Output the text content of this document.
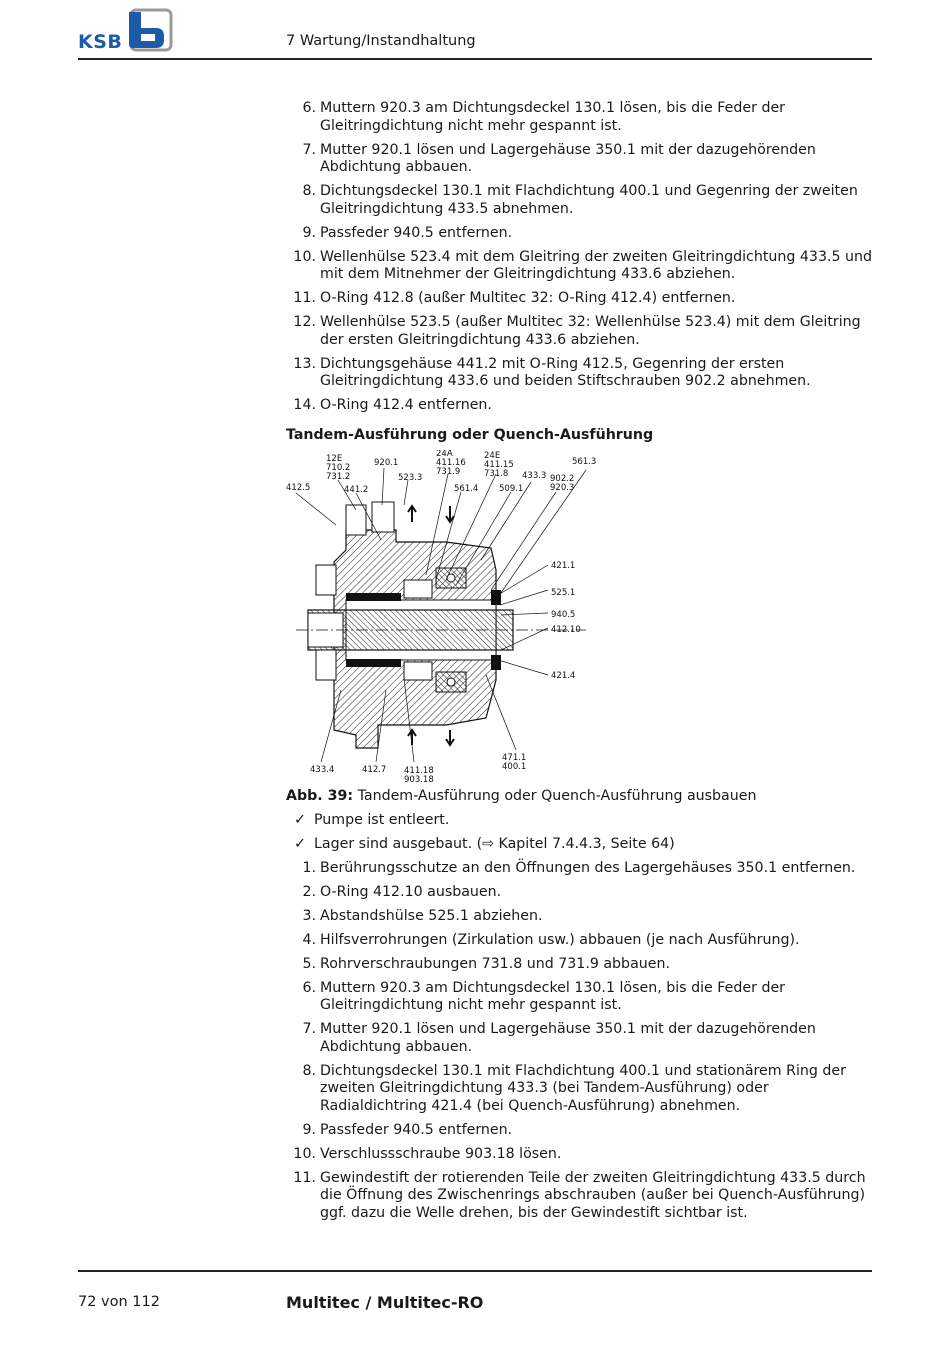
KSB	7 Wartung/Instandhaltung
6. Muttern 920.3 am Dichtungsdeckel 130.1 lösen, bis die Feder der Gleitringdichtung nicht mehr gespannt ist.
7. Mutter 920.1 lösen und Lagergehäuse 350.1 mit der dazugehörenden Abdichtung abbauen.
8. Dichtungsdeckel 130.1 mit Flachdichtung 400.1 und Gegenring der zweiten Gleitringdichtung 433.5 abnehmen.
9. Passfeder 940.5 entfernen.
10. Wellenhülse 523.4 mit dem Gleitring der zweiten Gleitringdichtung 433.5 und mit dem Mitnehmer der Gleitringdichtung 433.6 abziehen.
11. O-Ring 412.8 (außer Multitec 32: O-Ring 412.4) entfernen.
12. Wellenhülse 523.5 (außer Multitec 32: Wellenhülse 523.4) mit dem Gleitring der ersten Gleitringdichtung 433.6 abziehen.
13. Dichtungsgehäuse 441.2 mit O-Ring 412.5, Gegenring der ersten Gleitringdichtung 433.6 und beiden Stiftschrauben 902.2 abnehmen.
14. O-Ring 412.4 entfernen.
Tandem-Ausführung oder Quench-Ausführung
412.5
12E
710.2
731.2
441.2
920.1
523.3
24A
411.16
731.9
561.4
24E
411.15
731.8
509.1
433.3 902.2
920.3
561.3
421.1
525.1
940.5
412.10
421.4
471.1
400.1
433.4	412.7 411.18
903.18
Abb. 39: Tandem-Ausführung oder Quench-Ausführung ausbauen
✓ Pumpe ist entleert.
✓ Lager sind ausgebaut. (⇨ Kapitel 7.4.4.3, Seite 64)
1. Berührungsschutze an den Öffnungen des Lagergehäuses 350.1 entfernen.
2. O-Ring 412.10 ausbauen.
3. Abstandshülse 525.1 abziehen.
4. Hilfsverrohrungen (Zirkulation usw.) abbauen (je nach Ausführung).
5. Rohrverschraubungen 731.8 und 731.9 abbauen.
6. Muttern 920.3 am Dichtungsdeckel 130.1 lösen, bis die Feder der Gleitringdichtung nicht mehr gespannt ist.
7. Mutter 920.1 lösen und Lagergehäuse 350.1 mit der dazugehörenden Abdichtung abbauen.
8. Dichtungsdeckel 130.1 mit Flachdichtung 400.1 und stationärem Ring der zweiten Gleitringdichtung 433.3 (bei Tandem-Ausführung) oder Radialdichtring 421.4 (bei Quench-Ausführung) abnehmen.
9. Passfeder 940.5 entfernen.
10. Verschlussschraube 903.18 lösen.
11. Gewindestift der rotierenden Teile der zweiten Gleitringdichtung 433.5 durch die Öffnung des Zwischenrings abschrauben (außer bei Quench-Ausführung) ggf. dazu die Welle drehen, bis der Gewindestift sichtbar ist.
72 von 112	Multitec / Multitec-RO
